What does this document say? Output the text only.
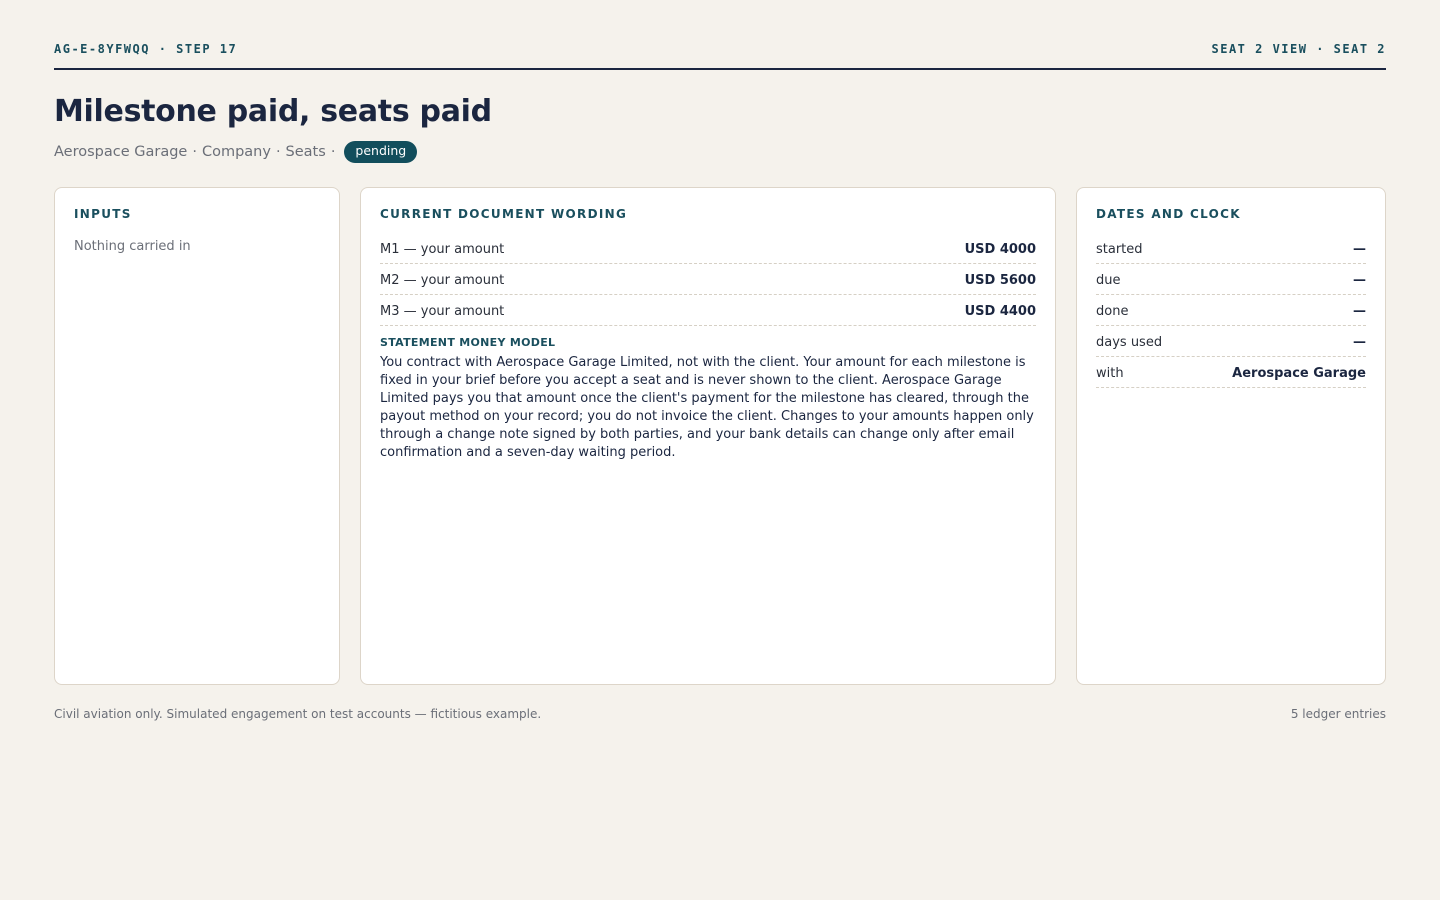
AG-E-8YFWQQ · STEP 17	SEAT 2 VIEW · SEAT 2
Milestone paid, seats paid
Aerospace Garage · Company · Seats ·	pending
INPUTS
Nothing carried in
CURRENT DOCUMENT WORDING
M1 — your amount	USD 4000
M2 — your amount	USD 5600
M3 — your amount	USD 4400
STATEMENT MONEY MODEL

You contract with Aerospace Garage Limited, not with the client. Your amount for each milestone is fixed in your brief before you accept a seat and is never shown to the client. Aerospace Garage Limited pays you that amount once the client's payment for the milestone has cleared, through the payout method on your record; you do not invoice the client. Changes to your amounts happen only through a change note signed by both parties, and your bank details can change only after email confirmation and a seven-day waiting period.

DATES AND CLOCK
started	—
due	—
done	—
days used	—
with	Aerospace Garage
Civil aviation only. Simulated engagement on test accounts — fictitious example.	5 ledger entries
